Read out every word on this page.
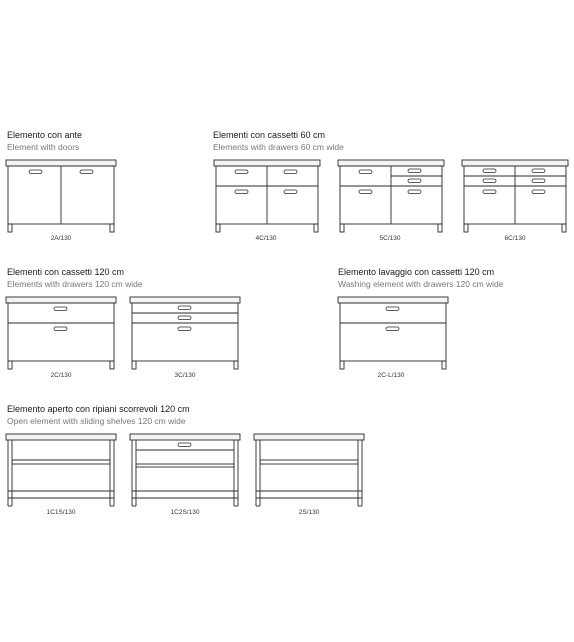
Elemento con ante
Element with doors
Elementi con cassetti 60 cm
Elements with drawers 60 cm wide
Elementi con cassetti 120 cm
Elements with drawers 120 cm wide
Elemento lavaggio con cassetti 120 cm
Washing element with drawers 120 cm wide
Elemento aperto con ripiani scorrevoli 120 cm
Open element with sliding shelves 120 cm wide
2A/130	4C/130	5C/130	6C/130
2C/130	3C/130	2C-L/130
1C1S/130	1C2S/130	2S/130
